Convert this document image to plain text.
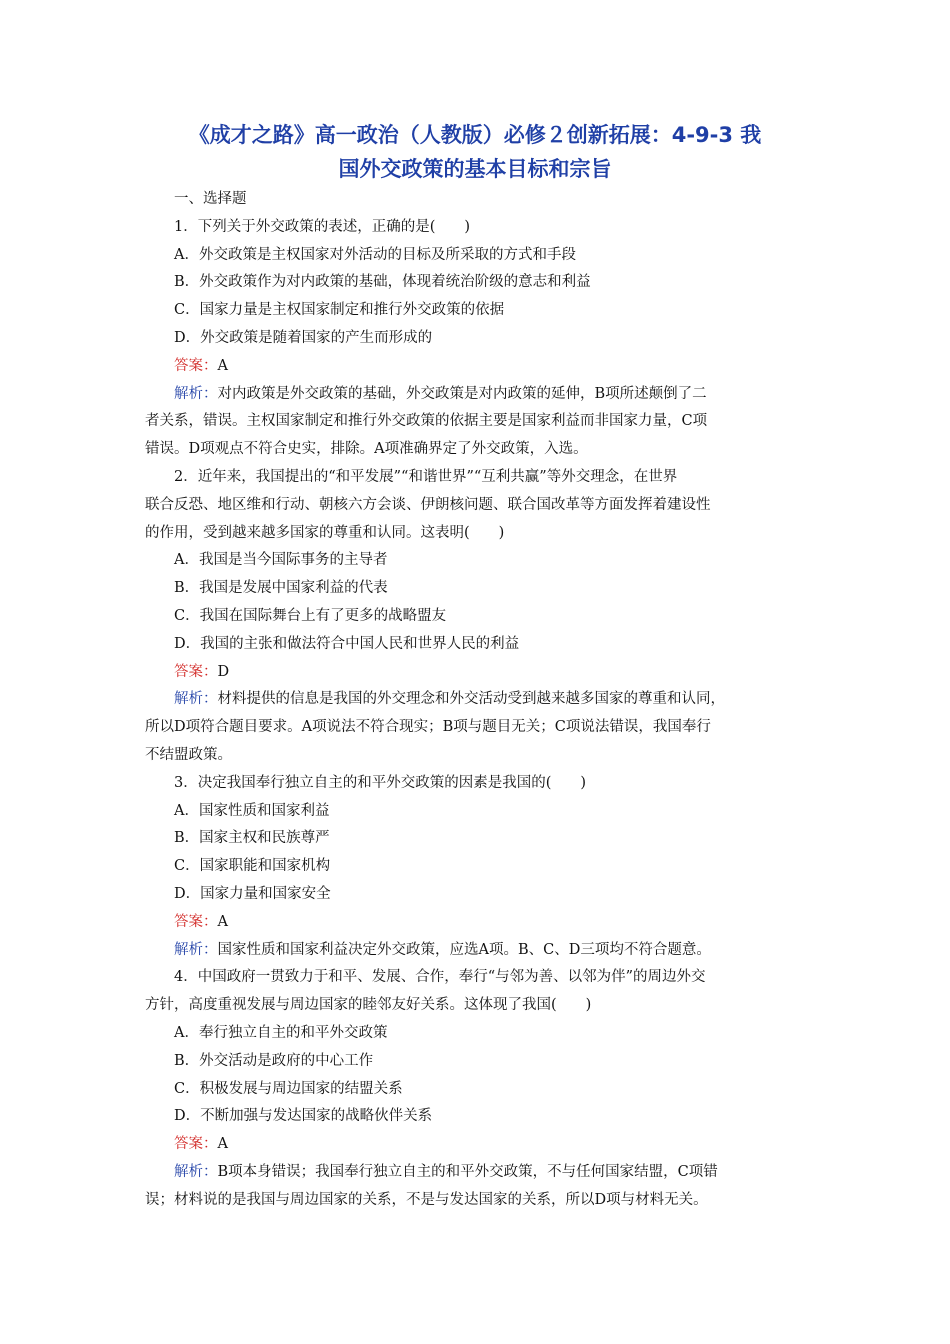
《成才之路》高一政治（人教版）必修２创新拓展：4-9-3 我
国外交政策的基本目标和宗旨
一、选择题
1．下列关于外交政策的表述，正确的是(　　)
A．外交政策是主权国家对外活动的目标及所采取的方式和手段
B．外交政策作为对内政策的基础，体现着统治阶级的意志和利益
C．国家力量是主权国家制定和推行外交政策的依据
D．外交政策是随着国家的产生而形成的
答案：A
解析：对内政策是外交政策的基础，外交政策是对内政策的延伸，B项所述颠倒了二
者关系，错误。主权国家制定和推行外交政策的依据主要是国家利益而非国家力量，C项
错误。D项观点不符合史实，排除。A项准确界定了外交政策，入选。
2．近年来，我国提出的“和平发展”“和谐世界”“互利共赢”等外交理念，在世界
联合反恐、地区维和行动、朝核六方会谈、伊朗核问题、联合国改革等方面发挥着建设性
的作用，受到越来越多国家的尊重和认同。这表明(　　)
A．我国是当今国际事务的主导者
B．我国是发展中国家利益的代表
C．我国在国际舞台上有了更多的战略盟友
D．我国的主张和做法符合中国人民和世界人民的利益
答案：D
解析：材料提供的信息是我国的外交理念和外交活动受到越来越多国家的尊重和认同，
所以D项符合题目要求。A项说法不符合现实；B项与题目无关；C项说法错误，我国奉行
不结盟政策。
3．决定我国奉行独立自主的和平外交政策的因素是我国的(　　)
A．国家性质和国家利益
B．国家主权和民族尊严
C．国家职能和国家机构
D．国家力量和国家安全
答案：A
解析：国家性质和国家利益决定外交政策，应选A项。B、C、D三项均不符合题意。
4．中国政府一贯致力于和平、发展、合作，奉行“与邻为善、以邻为伴”的周边外交
方针，高度重视发展与周边国家的睦邻友好关系。这体现了我国(　　)
A．奉行独立自主的和平外交政策
B．外交活动是政府的中心工作
C．积极发展与周边国家的结盟关系
D．不断加强与发达国家的战略伙伴关系
答案：A
解析：B项本身错误；我国奉行独立自主的和平外交政策，不与任何国家结盟，C项错
误；材料说的是我国与周边国家的关系，不是与发达国家的关系，所以D项与材料无关。
